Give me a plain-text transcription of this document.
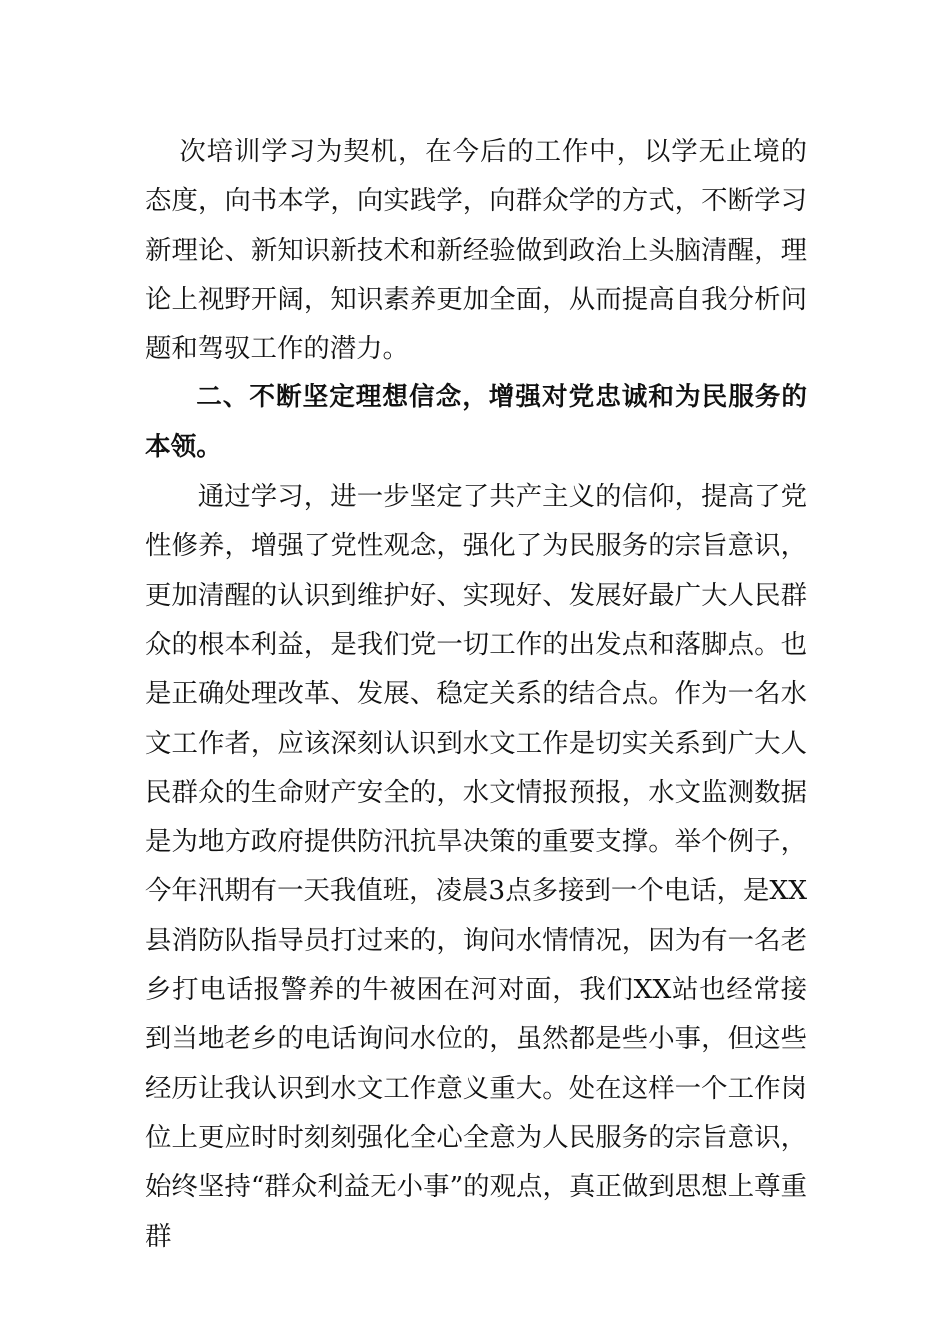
次培训学习为契机，在今后的工作中，以学无止境的态度，向书本学，向实践学，向群众学的方式，不断学习新理论、新知识新技术和新经验做到政治上头脑清醒，理论上视野开阔，知识素养更加全面，从而提高自我分析问题和驾驭工作的潜力。

二、不断坚定理想信念，增强对党忠诚和为民服务的本领。

通过学习，进一步坚定了共产主义的信仰，提高了党性修养，增强了党性观念，强化了为民服务的宗旨意识，更加清醒的认识到维护好、实现好、发展好最广大人民群众的根本利益，是我们党一切工作的出发点和落脚点。也是正确处理改革、发展、稳定关系的结合点。作为一名水文工作者，应该深刻认识到水文工作是切实关系到广大人民群众的生命财产安全的，水文情报预报，水文监测数据是为地方政府提供防汛抗旱决策的重要支撑。举个例子，今年汛期有一天我值班，凌晨3点多接到一个电话，是XX县消防队指导员打过来的，询问水情情况，因为有一名老乡打电话报警养的牛被困在河对面，我们XX站也经常接到当地老乡的电话询问水位的，虽然都是些小事，但这些经历让我认识到水文工作意义重大。处在这样一个工作岗位上更应时时刻刻强化全心全意为人民服务的宗旨意识，始终坚持“群众利益无小事”的观点，真正做到思想上尊重群
